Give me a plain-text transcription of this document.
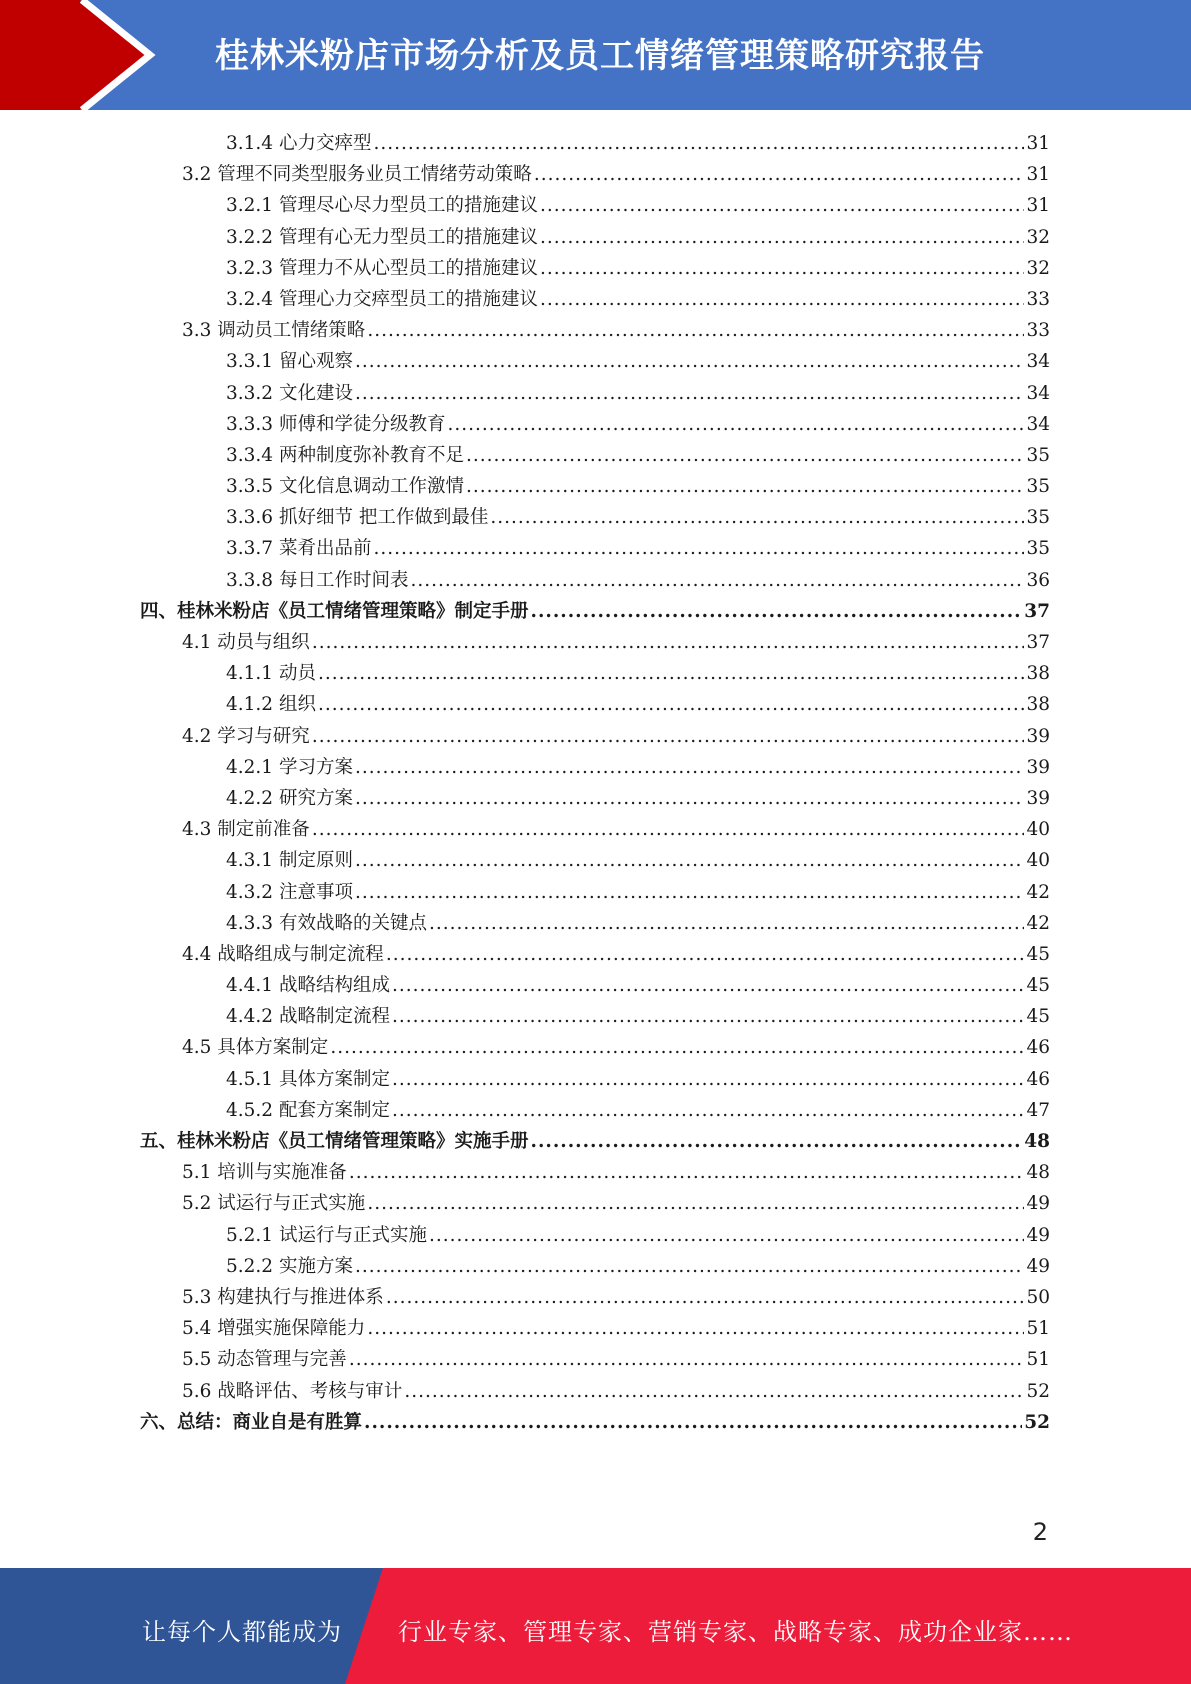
桂林米粉店市场分析及员工情绪管理策略研究报告
3.1.4 心力交瘁型 .....	31
3.2 管理不同类型服务业员工情绪劳动策略 .....	31
3.2.1 管理尽心尽力型员工的措施建议 .....	31
3.2.2 管理有心无力型员工的措施建议 .....	32
3.2.3 管理力不从心型员工的措施建议 .....	32
3.2.4 管理心力交瘁型员工的措施建议 .....	33
3.3 调动员工情绪策略 .....	33
3.3.1 留心观察 .....	34
3.3.2 文化建设 .....	34
3.3.3 师傅和学徒分级教育 .....	34
3.3.4 两种制度弥补教育不足 .....	35
3.3.5 文化信息调动工作激情 .....	35
3.3.6 抓好细节 把工作做到最佳 .....	35
3.3.7 菜肴出品前 .....	35
3.3.8 每日工作时间表 .....	36
四、桂林米粉店《员工情绪管理策略》制定手册 .....	37
4.1 动员与组织 .....	37
4.1.1 动员 .....	38
4.1.2 组织 .....	38
4.2 学习与研究 .....	39
4.2.1 学习方案 .....	39
4.2.2 研究方案 .....	39
4.3 制定前准备 .....	40
4.3.1 制定原则 .....	40
4.3.2 注意事项 .....	42
4.3.3 有效战略的关键点 .....	42
4.4 战略组成与制定流程 .....	45
4.4.1 战略结构组成 .....	45
4.4.2 战略制定流程 .....	45
4.5 具体方案制定 .....	46
4.5.1 具体方案制定 .....	46
4.5.2 配套方案制定 .....	47
五、桂林米粉店《员工情绪管理策略》实施手册 .....	48
5.1 培训与实施准备 .....	48
5.2 试运行与正式实施 .....	49
5.2.1 试运行与正式实施 .....	49
5.2.2 实施方案 .....	49
5.3 构建执行与推进体系 .....	50
5.4 增强实施保障能力 .....	51
5.5 动态管理与完善 .....	51
5.6 战略评估、考核与审计 .....	52
六、总结：商业自是有胜算 .....	52
2
让每个人都能成为 行业专家、管理专家、营销专家、战略专家、成功企业家……
